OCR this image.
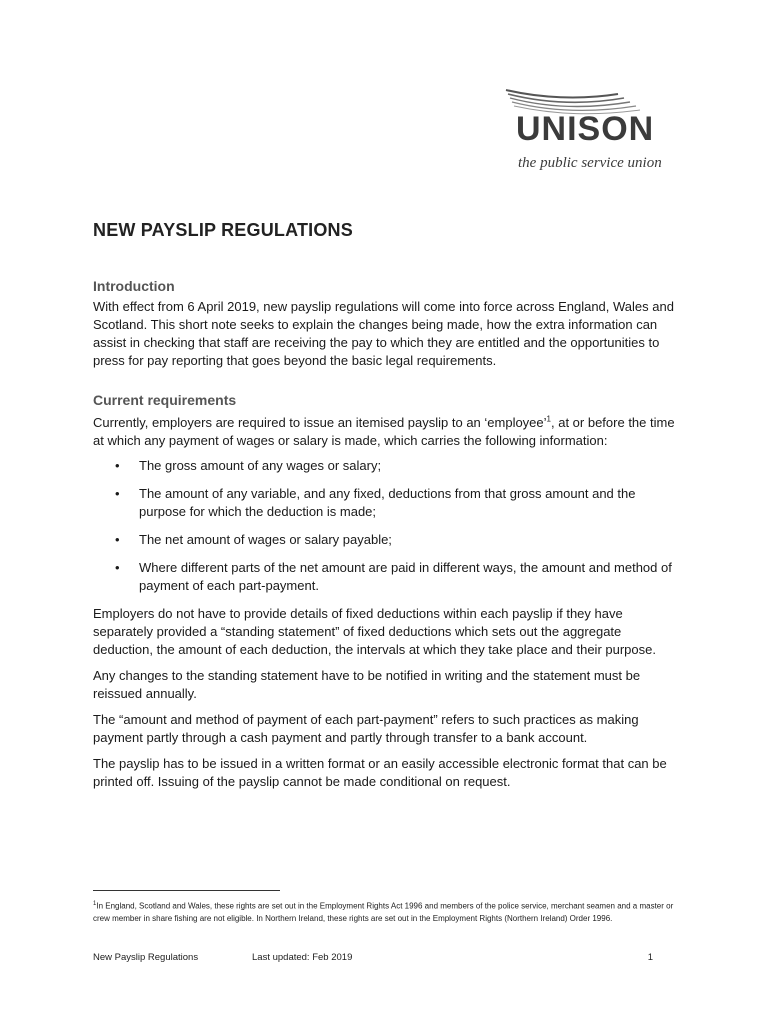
UNISON
the public service union
NEW PAYSLIP REGULATIONS
Introduction

With effect from 6 April 2019, new payslip regulations will come into force across England, Wales and Scotland. This short note seeks to explain the changes being made, how the extra information can assist in checking that staff are receiving the pay to which they are entitled and the opportunities to press for pay reporting that goes beyond the basic legal requirements.

Current requirements

Currently, employers are required to issue an itemised payslip to an ‘employee’$^1$, at or before the time at which any payment of wages or salary is made, which carries the following information:

• The gross amount of any wages or salary;
• The amount of any variable, and any fixed, deductions from that gross amount and the purpose for which the deduction is made;
• The net amount of wages or salary payable;
• Where different parts of the net amount are paid in different ways, the amount and method of payment of each part-payment.

Employers do not have to provide details of fixed deductions within each payslip if they have separately provided a “standing statement” of fixed deductions which sets out the aggregate deduction, the amount of each deduction, the intervals at which they take place and their purpose.

Any changes to the standing statement have to be notified in writing and the statement must be reissued annually.

The “amount and method of payment of each part-payment” refers to such practices as making payment partly through a cash payment and partly through transfer to a bank account.

The payslip has to be issued in a written format or an easily accessible electronic format that can be printed off. Issuing of the payslip cannot be made conditional on request.

$^1$In England, Scotland and Wales, these rights are set out in the Employment Rights Act 1996 and members of the police service, merchant seamen and a master or crew member in share fishing are not eligible. In Northern Ireland, these rights are set out in the Employment Rights (Northern Ireland) Order 1996.
New Payslip Regulations	Last updated: Feb 2019	1
